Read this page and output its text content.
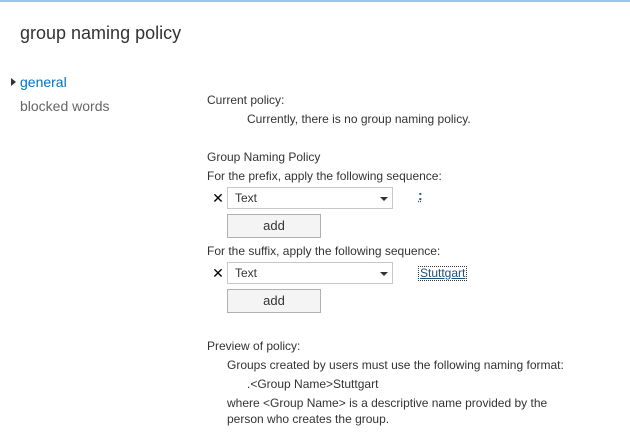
group naming policy
general
blocked words	Current policy:
Currently, there is no group naming policy.
Group Naming Policy
For the prefix, apply the following sequence:
✕ Text	:
add
For the suffix, apply the following sequence:
✕ Text	Stuttgart
add
Preview of policy:
Groups created by users must use the following naming format:
.<Group Name>Stuttgart
where <Group Name> is a descriptive name provided by the
person who creates the group.
